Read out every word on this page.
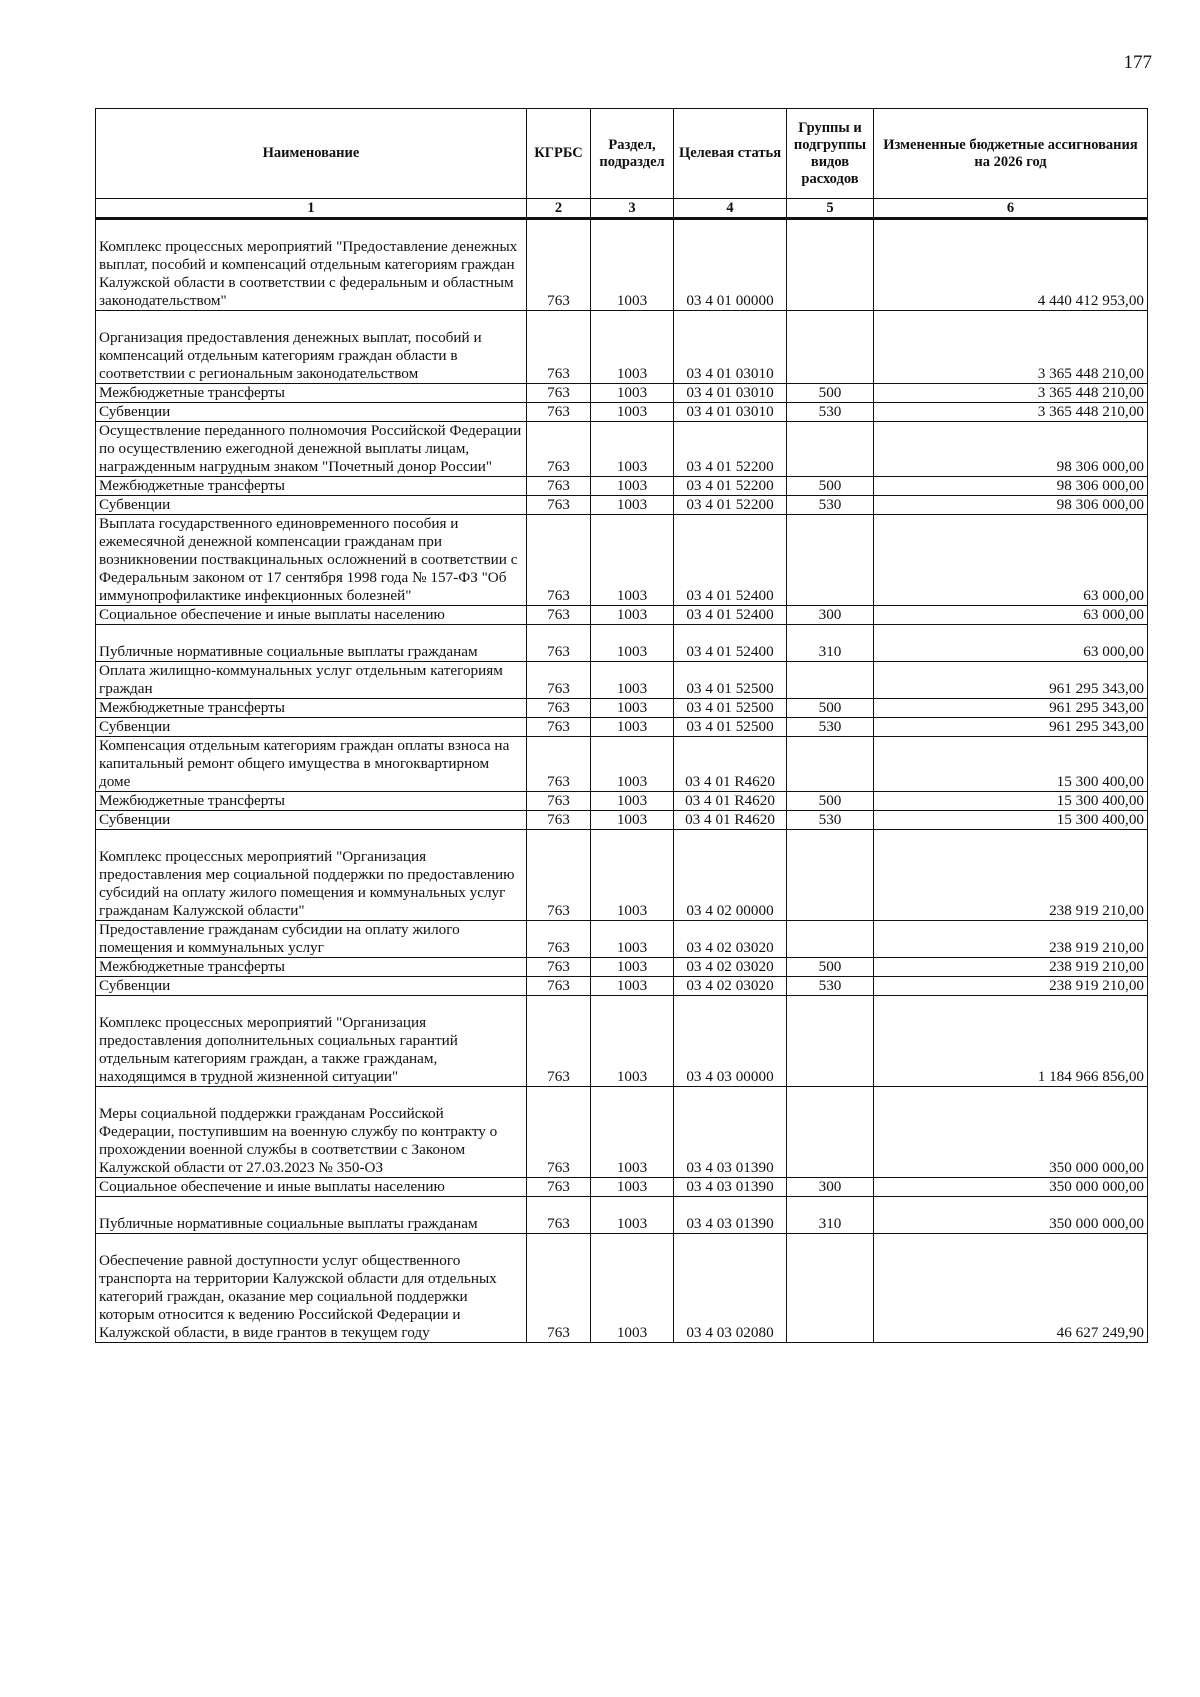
177
Наименование	КГРБС	Раздел, подраздел	Целевая статья	Группы и подгруппы видов расходов	Измененные бюджетные ассигнования на 2026 год
1	2	3	4	5	6
Комплекс процессных мероприятий "Предоставление денежных выплат, пособий и компенсаций отдельным категориям граждан Калужской области в соответствии с федеральным и областным законодательством"	763	1003	03 4 01 00000		4 440 412 953,00
Организация предоставления денежных выплат, пособий и компенсаций отдельным категориям граждан области в соответствии с региональным законодательством	763	1003	03 4 01 03010		3 365 448 210,00
Межбюджетные трансферты	763	1003	03 4 01 03010	500	3 365 448 210,00
Субвенции	763	1003	03 4 01 03010	530	3 365 448 210,00
Осуществление переданного полномочия Российской Федерации по осуществлению ежегодной денежной выплаты лицам, награжденным нагрудным знаком "Почетный донор России"	763	1003	03 4 01 52200		98 306 000,00
Межбюджетные трансферты	763	1003	03 4 01 52200	500	98 306 000,00
Субвенции	763	1003	03 4 01 52200	530	98 306 000,00
Выплата государственного единовременного пособия и ежемесячной денежной компенсации гражданам при возникновении поствакцинальных осложнений в соответствии с Федеральным законом от 17 сентября 1998 года № 157-ФЗ "Об иммунопрофилактике инфекционных болезней"	763	1003	03 4 01 52400		63 000,00
Социальное обеспечение и иные выплаты населению	763	1003	03 4 01 52400	300	63 000,00
Публичные нормативные социальные выплаты гражданам	763	1003	03 4 01 52400	310	63 000,00
Оплата жилищно-коммунальных услуг отдельным категориям граждан	763	1003	03 4 01 52500		961 295 343,00
Межбюджетные трансферты	763	1003	03 4 01 52500	500	961 295 343,00
Субвенции	763	1003	03 4 01 52500	530	961 295 343,00
Компенсация отдельным категориям граждан оплаты взноса на капитальный ремонт общего имущества в многоквартирном доме	763	1003	03 4 01 R4620		15 300 400,00
Межбюджетные трансферты	763	1003	03 4 01 R4620	500	15 300 400,00
Субвенции	763	1003	03 4 01 R4620	530	15 300 400,00
Комплекс процессных мероприятий "Организация предоставления мер социальной поддержки по предоставлению субсидий на оплату жилого помещения и коммунальных услуг гражданам Калужской области"	763	1003	03 4 02 00000		238 919 210,00
Предоставление гражданам субсидии на оплату жилого помещения и коммунальных услуг	763	1003	03 4 02 03020		238 919 210,00
Межбюджетные трансферты	763	1003	03 4 02 03020	500	238 919 210,00
Субвенции	763	1003	03 4 02 03020	530	238 919 210,00
Комплекс процессных мероприятий "Организация предоставления дополнительных социальных гарантий отдельным категориям граждан, а также гражданам, находящимся в трудной жизненной ситуации"	763	1003	03 4 03 00000		1 184 966 856,00
Меры социальной поддержки гражданам Российской Федерации, поступившим на военную службу по контракту о прохождении военной службы в соответствии с Законом Калужской области от 27.03.2023 № 350-ОЗ	763	1003	03 4 03 01390		350 000 000,00
Социальное обеспечение и иные выплаты населению	763	1003	03 4 03 01390	300	350 000 000,00
Публичные нормативные социальные выплаты гражданам	763	1003	03 4 03 01390	310	350 000 000,00
Обеспечение равной доступности услуг общественного транспорта на территории Калужской области для отдельных категорий граждан, оказание мер социальной поддержки которым относится к ведению Российской Федерации и Калужской области, в виде грантов в текущем году	763	1003	03 4 03 02080		46 627 249,90
